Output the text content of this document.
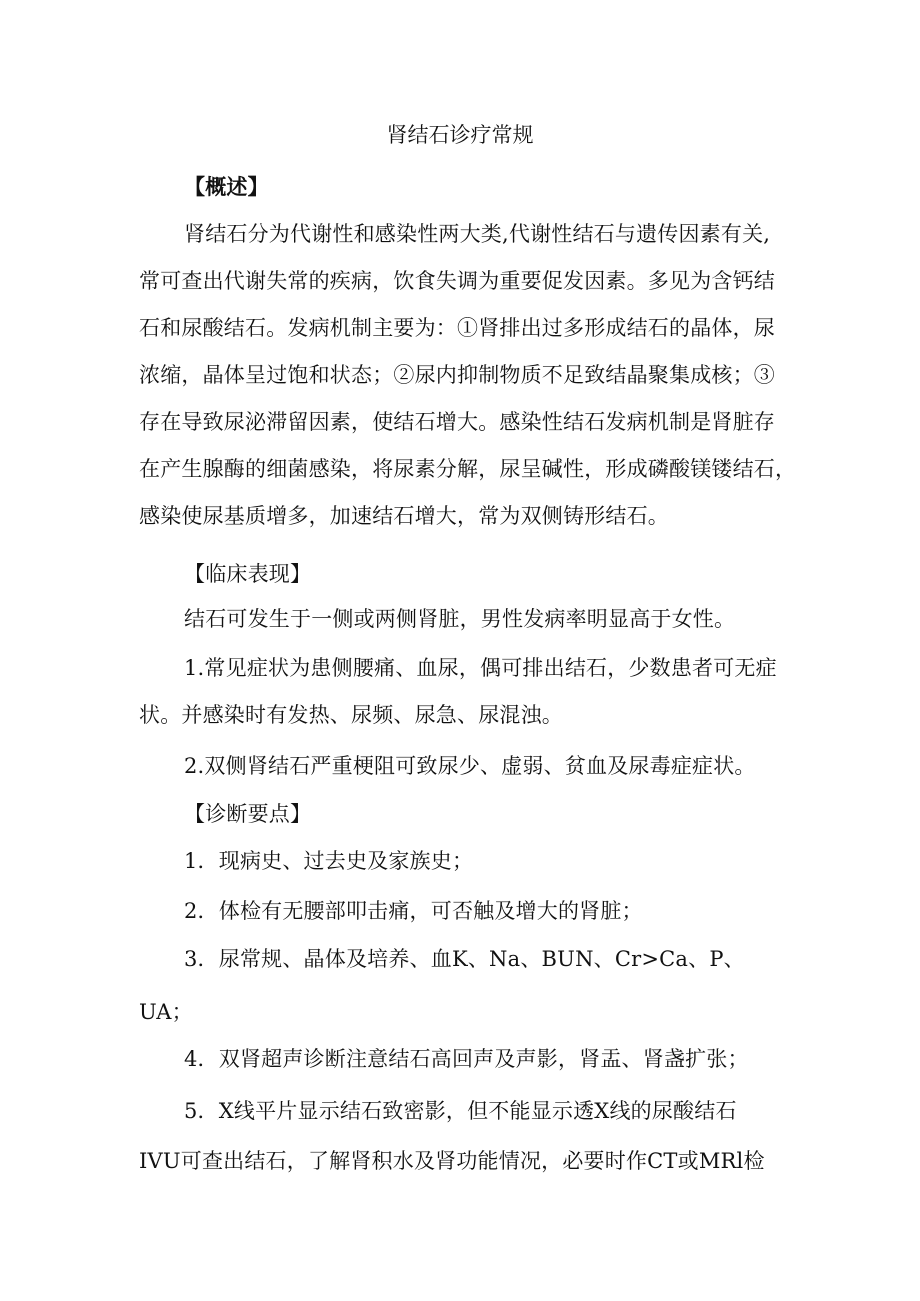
肾结石诊疗常规
【概述】
肾结石分为代谢性和感染性两大类,代谢性结石与遗传因素有关,
常可查出代谢失常的疾病，饮食失调为重要促发因素。多见为含钙结
石和尿酸结石。发病机制主要为：①肾排出过多形成结石的晶体，尿
浓缩，晶体呈过饱和状态；②尿内抑制物质不足致结晶聚集成核；③
存在导致尿泌滞留因素，使结石增大。感染性结石发病机制是肾脏存
在产生腺酶的细菌感染，将尿素分解，尿呈碱性，形成磷酸镁镂结石，
感染使尿基质增多，加速结石增大，常为双侧铸形结石。
【临床表现】
结石可发生于一侧或两侧肾脏，男性发病率明显高于女性。
1.常见症状为患侧腰痛、血尿，偶可排出结石，少数患者可无症
状。并感染时有发热、尿频、尿急、尿混浊。
2.双侧肾结石严重梗阻可致尿少、虚弱、贫血及尿毒症症状。
【诊断要点】
1．现病史、过去史及家族史；
2．体检有无腰部叩击痛，可否触及增大的肾脏；
3．尿常规、晶体及培养、血K、Na、BUN、Cr>Ca、P、
UA；
4．双肾超声诊断注意结石高回声及声影，肾盂、肾盏扩张；
5．X线平片显示结石致密影，但不能显示透X线的尿酸结石
IVU可查出结石，了解肾积水及肾功能情况，必要时作CT或MRl检
